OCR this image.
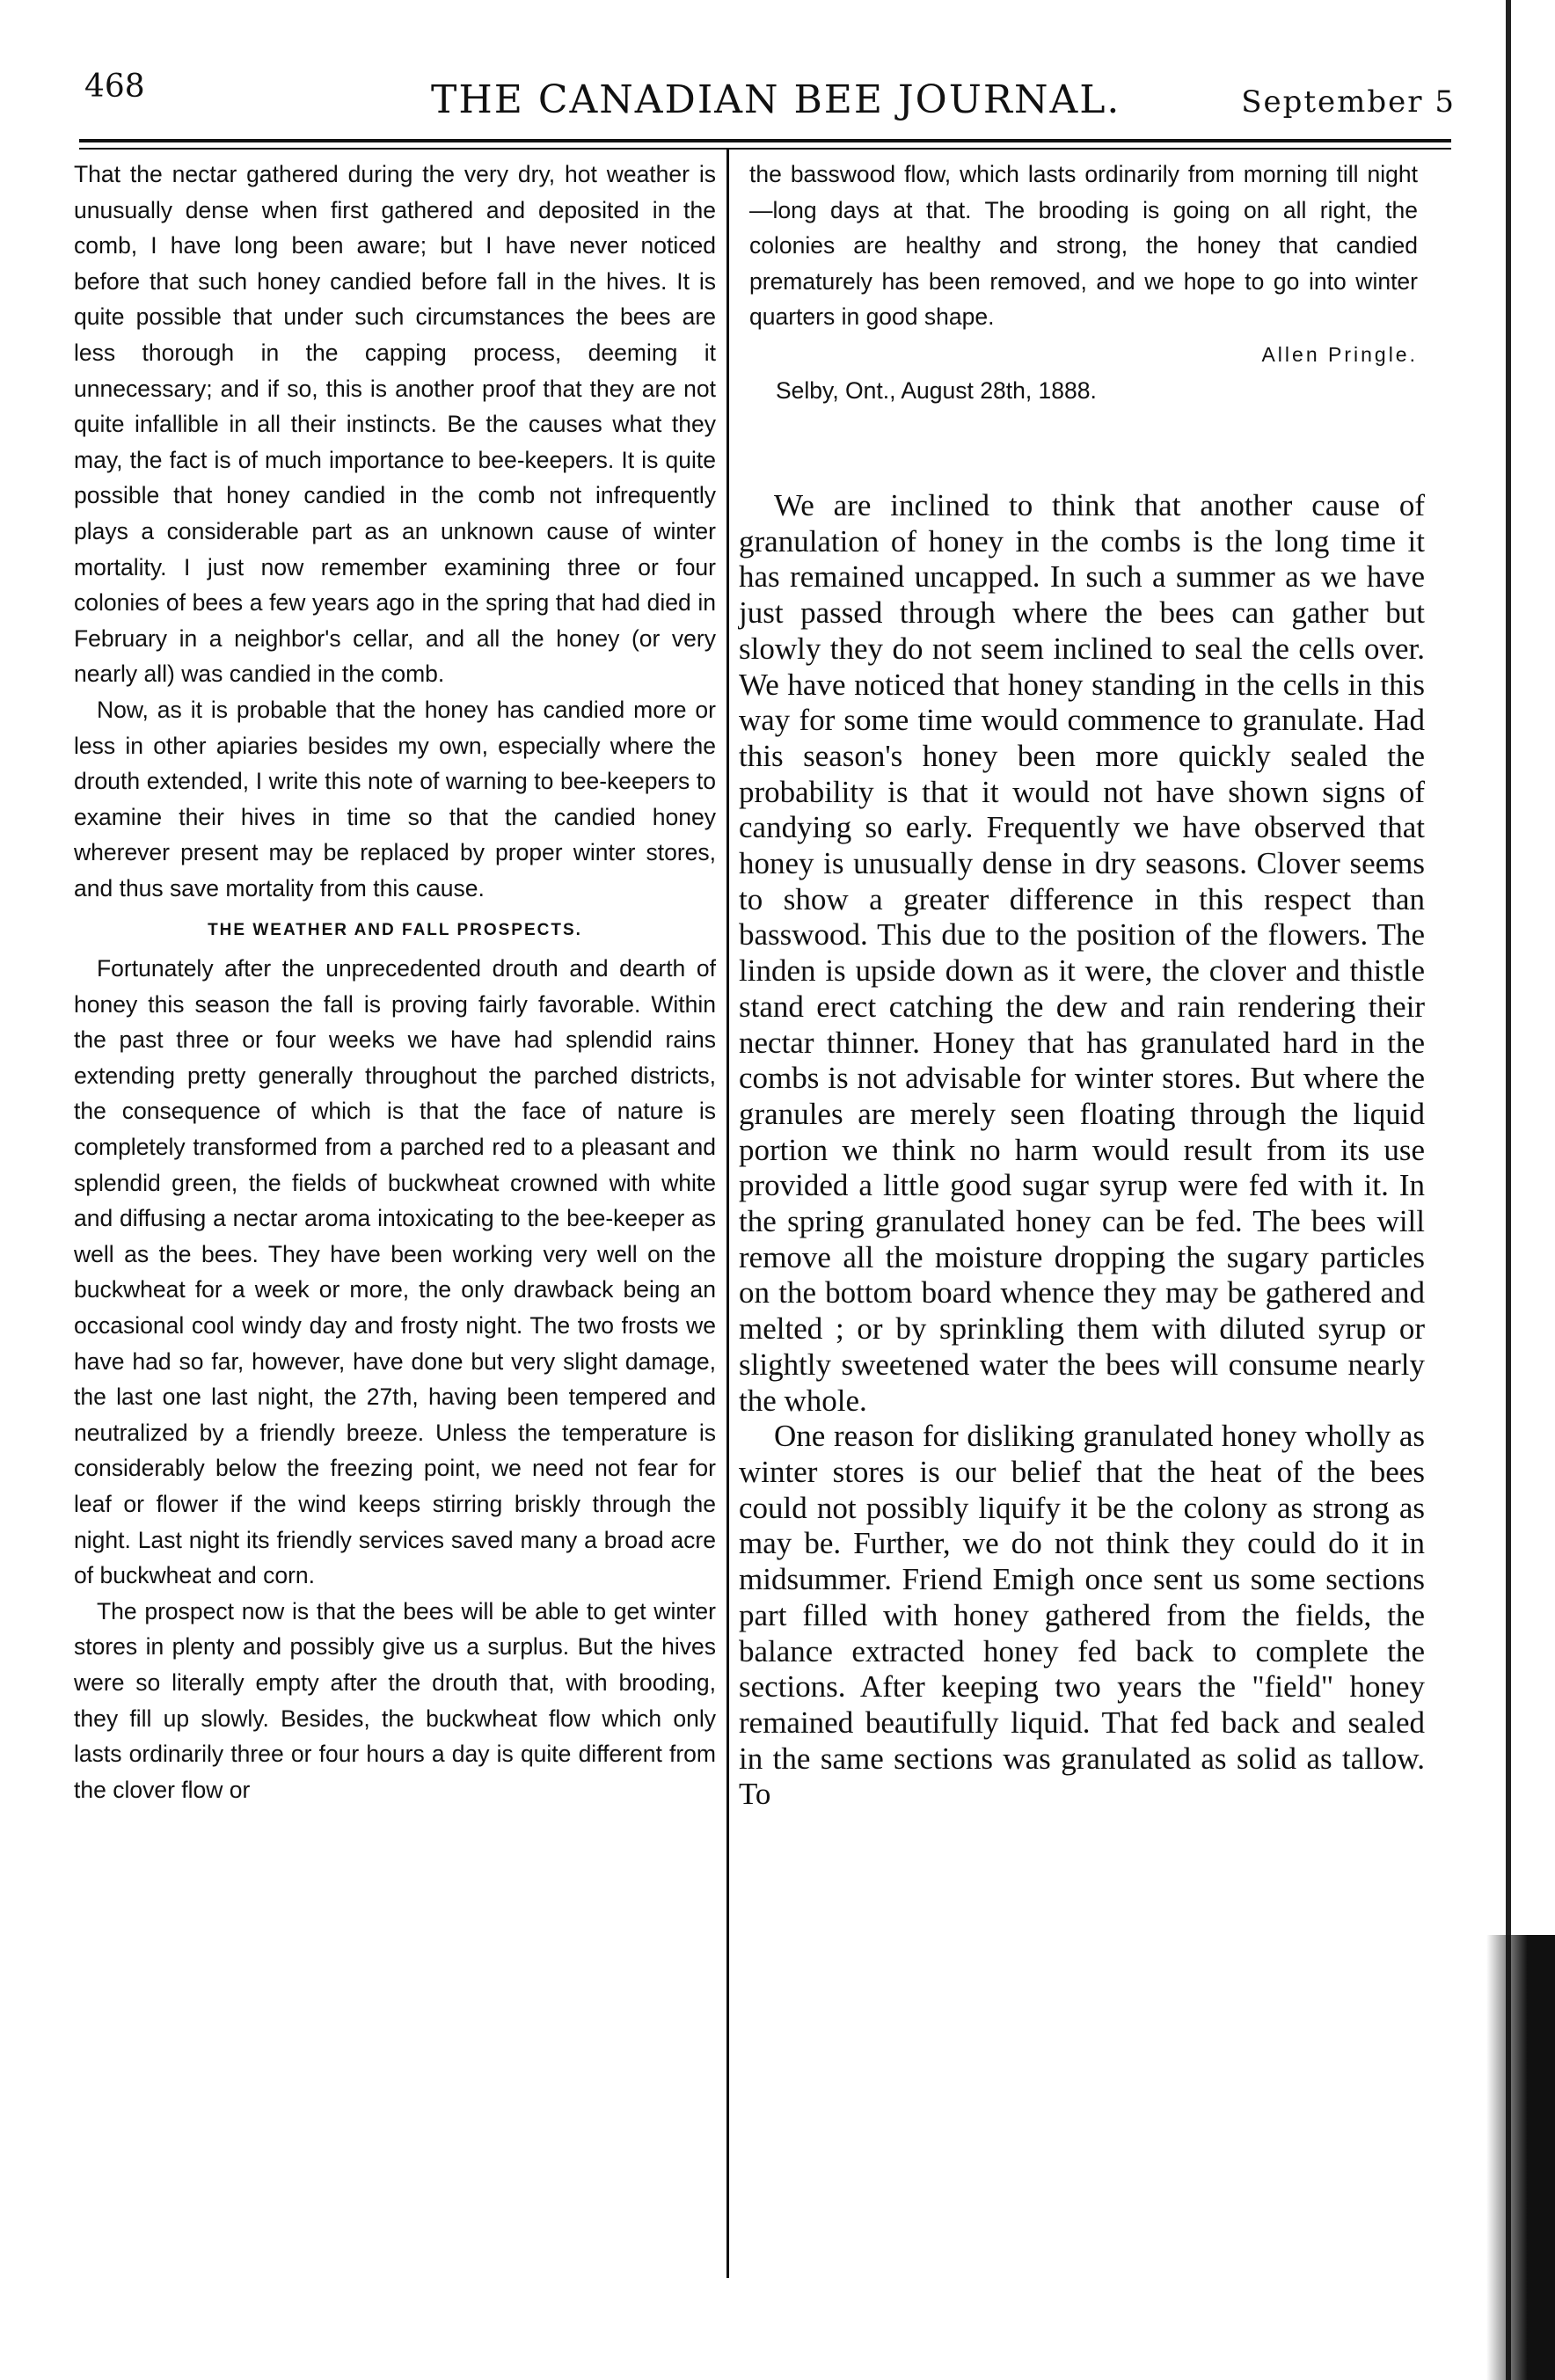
468	THE CANADIAN BEE JOURNAL.	September 5

That the nectar gathered during the very dry, hot weather is unusually dense when first gathered and deposited in the comb, I have long been aware; but I have never noticed before that such honey candied before fall in the hives. It is quite possible that under such circumstances the bees are less thorough in the capping process, deeming it unnecessary; and if so, this is another proof that they are not quite infallible in all their instincts. Be the causes what they may, the fact is of much importance to bee-keepers. It is quite possible that honey candied in the comb not infrequently plays a considerable part as an unknown cause of winter mortality. I just now remember examining three or four colonies of bees a few years ago in the spring that had died in February in a neighbor's cellar, and all the honey (or very nearly all) was candied in the comb.

Now, as it is probable that the honey has candied more or less in other apiaries besides my own, especially where the drouth extended, I write this note of warning to bee-keepers to examine their hives in time so that the candied honey wherever present may be replaced by proper winter stores, and thus save mortality from this cause.

THE WEATHER AND FALL PROSPECTS.

Fortunately after the unprecedented drouth and dearth of honey this season the fall is proving fairly favorable. Within the past three or four weeks we have had splendid rains extending pretty generally throughout the parched districts, the consequence of which is that the face of nature is completely transformed from a parched red to a pleasant and splendid green, the fields of buckwheat crowned with white and diffusing a nectar aroma intoxicating to the bee-keeper as well as the bees. They have been working very well on the buckwheat for a week or more, the only drawback being an occasional cool windy day and frosty night. The two frosts we have had so far, however, have done but very slight damage, the last one last night, the 27th, having been tempered and neutralized by a friendly breeze. Unless the temperature is considerably below the freezing point, we need not fear for leaf or flower if the wind keeps stirring briskly through the night. Last night its friendly services saved many a broad acre of buckwheat and corn.

The prospect now is that the bees will be able to get winter stores in plenty and possibly give us a surplus. But the hives were so literally empty after the drouth that, with brooding, they fill up slowly. Besides, the buckwheat flow which only lasts ordinarily three or four hours a day is quite different from the clover flow or

the basswood flow, which lasts ordinarily from morning till night—long days at that. The brooding is going on all right, the colonies are healthy and strong, the honey that candied prematurely has been removed, and we hope to go into winter quarters in good shape.

Allen Pringle.

Selby, Ont., August 28th, 1888.

We are inclined to think that another cause of granulation of honey in the combs is the long time it has remained uncapped. In such a summer as we have just passed through where the bees can gather but slowly they do not seem inclined to seal the cells over. We have noticed that honey standing in the cells in this way for some time would commence to granulate. Had this season's honey been more quickly sealed the probability is that it would not have shown signs of candying so early. Frequently we have observed that honey is unusually dense in dry seasons. Clover seems to show a greater difference in this respect than basswood. This due to the position of the flowers. The linden is upside down as it were, the clover and thistle stand erect catching the dew and rain rendering their nectar thinner. Honey that has granulated hard in the combs is not advisable for winter stores. But where the granules are merely seen floating through the liquid portion we think no harm would result from its use provided a little good sugar syrup were fed with it. In the spring granulated honey can be fed. The bees will remove all the moisture dropping the sugary particles on the bottom board whence they may be gathered and melted ; or by sprinkling them with diluted syrup or slightly sweetened water the bees will consume nearly the whole.

One reason for disliking granulated honey wholly as winter stores is our belief that the heat of the bees could not possibly liquify it be the colony as strong as may be. Further, we do not think they could do it in midsummer. Friend Emigh once sent us some sections part filled with honey gathered from the fields, the balance extracted honey fed back to complete the sections. After keeping two years the "field" honey remained beautifully liquid. That fed back and sealed in the same sections was granulated as solid as tallow. To
